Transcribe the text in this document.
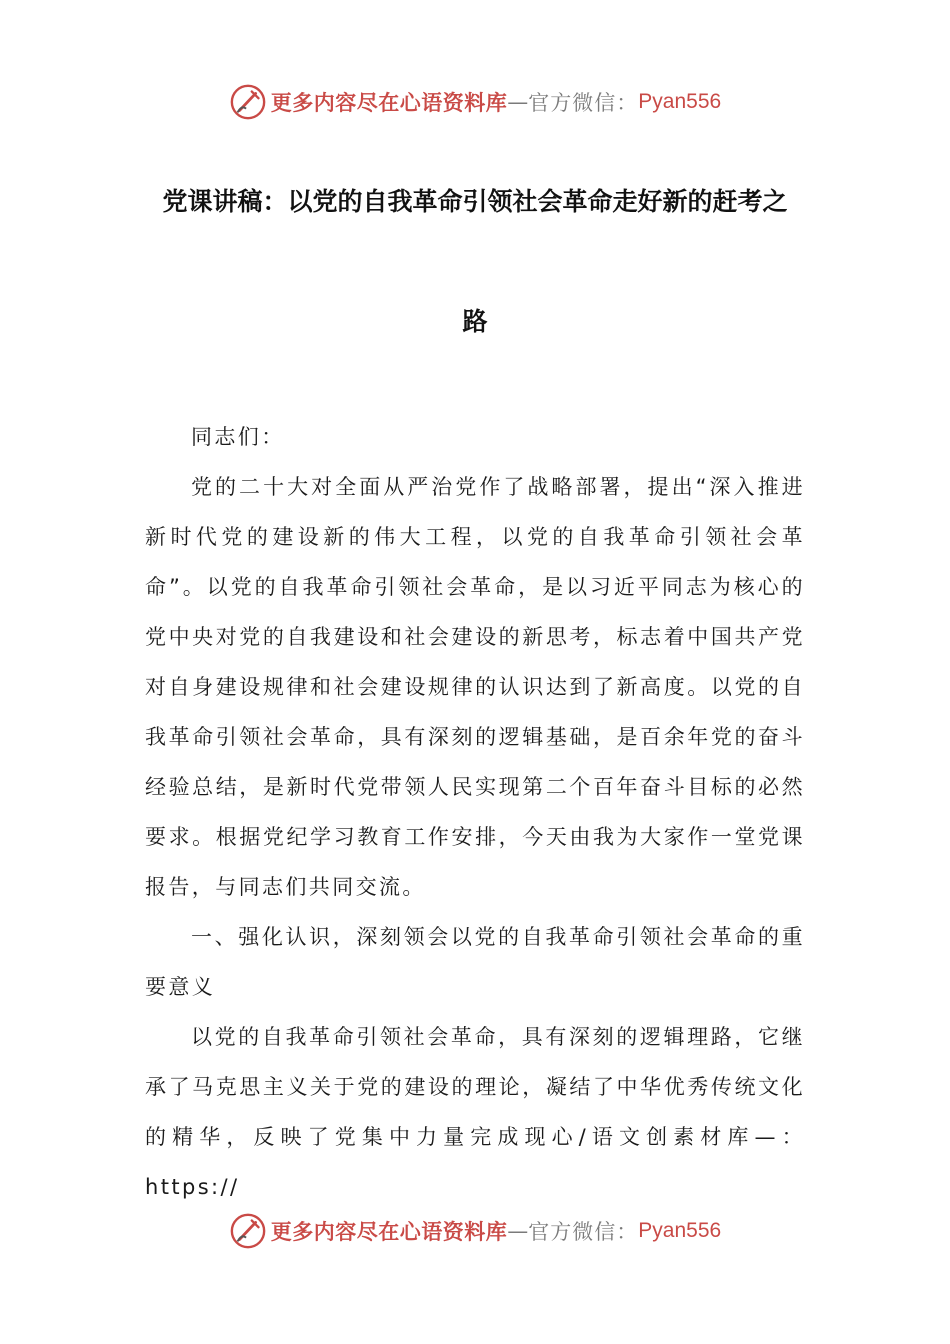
更多内容尽在心语资料库 — 官方微信： Pyan556
党课讲稿：以党的自我革命引领社会革命走好新的赶考之
路

同志们：

党的二十大对全面从严治党作了战略部署，提出“深入推进新时代党的建设新的伟大工程，以党的自我革命引领社会革命”。以党的自我革命引领社会革命，是以习近平同志为核心的党中央对党的自我建设和社会建设的新思考，标志着中国共产党对自身建设规律和社会建设规律的认识达到了新高度。以党的自我革命引领社会革命，具有深刻的逻辑基础，是百余年党的奋斗经验总结，是新时代党带领人民实现第二个百年奋斗目标的必然要求。根据党纪学习教育工作安排，今天由我为大家作一堂党课报告，与同志们共同交流。

一、强化认识，深刻领会以党的自我革命引领社会革命的重要意义

以党的自我革命引领社会革命，具有深刻的逻辑理路，它继承了马克思主义关于党的建设的理论，凝结了中华优秀传统文化的精华，反映了党集中力量完成现心/语文创素材库—：https://

更多内容尽在心语资料库 — 官方微信： Pyan556
